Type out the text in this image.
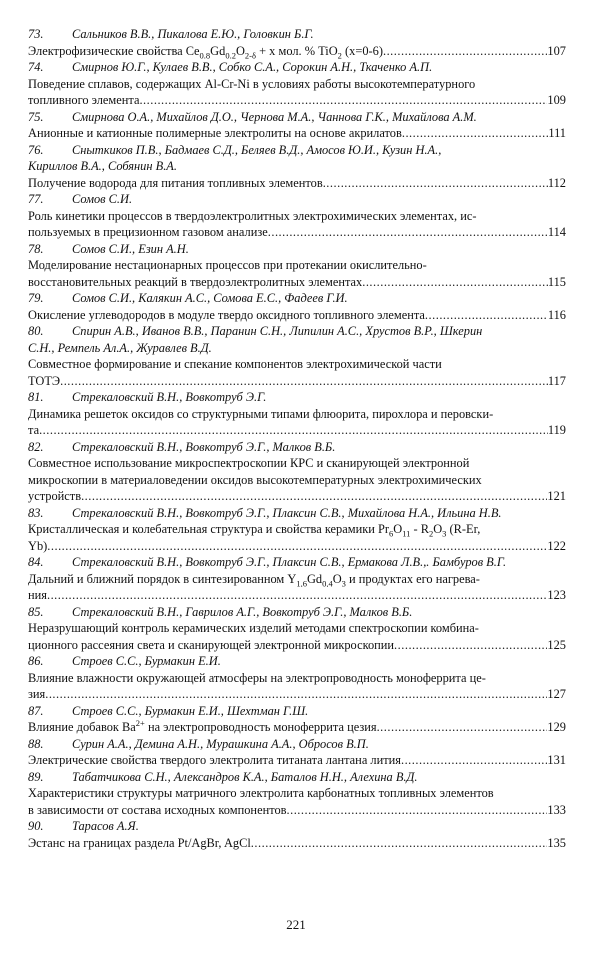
73.	Сальников В.В., Пикалова Е.Ю., Головкин Б.Г.
Электрофизические свойства $Ce_{0.8}Gd_{0.2}O_{2-\delta} + x$ мол. % TiO$_2$ (x=0-6) .....	107
74.	Смирнов Ю.Г., Кулаев В.В., Собко С.А., Сорокин А.Н., Ткаченко А.П.
Поведение сплавов, содержащих Al-Cr-Ni в условиях работы высокотемпературного
топливного элемента .....	109
75.	Смирнова О.А., Михайлов Д.О., Чернова М.А., Чаннова Г.К., Михайлова А.М.
Анионные и катионные полимерные электролиты на основе акрилатов .....	111
76.	Сныткиков П.В., Бадмаев С.Д., Беляев В.Д., Амосов Ю.И., Кузин Н.А.,
Кириллов В.А., Собянин В.А.
Получение водорода для питания топливных элементов .....	112
77.	Сомов С.И.
Роль кинетики процессов в твердоэлектролитных электрохимических элементах, ис-
пользуемых в прецизионном газовом анализе .....	114
78.	Сомов С.И., Езин А.Н.
Моделирование нестационарных процессов при протекании окислительно-
восстановительных реакций в твердоэлектролитных элементах .....	115
79.	Сомов С.И., Калякин А.С., Сомова Е.С., Фадеев Г.И.
Окисление углеводородов в модуле твердо оксидного топливного элемента .....	116
80.	Спирин А.В., Иванов В.В., Паранин С.Н., Липилин А.С., Хрустов В.Р., Шкерин
С.Н., Ремпель Ал.А., Журавлев В.Д.
Совместное формирование и спекание компонентов электрохимической части
ТОТЭ .....	117
81.	Стрекаловский В.Н., Вовкотруб Э.Г.
Динамика решеток оксидов со структурными типами флюорита, пирохлора и перовски-
та .....	119
82.	Стрекаловский В.Н., Вовкотруб Э.Г., Малков В.Б.
Совместное использование микроспектроскопии КРС и сканирующей электронной
микроскопии в материаловедении оксидов высокотемпературных электрохимических
устройств .....	121
83.	Стрекаловский В.Н., Вовкотруб Э.Г., Плаксин С.В., Михайлова Н.А., Ильина Н.В.
Кристаллическая и колебательная структура и свойства керамики $Pr_6O_{11} - R_2O_3$ (R-Er,
Yb) .....	122
84.	Стрекаловский В.Н., Вовкотруб Э.Г., Плаксин С.В., Ермакова Л.В.,. Бамбуров В.Г.
Дальний и ближний порядок в синтезированном $Y_{1,6}Gd_{0,4}O_3$ и продуктах его нагрева-
ния .....	123
85.	Стрекаловский В.Н., Гаврилов А.Г., Вовкотруб Э.Г., Малков В.Б.
Неразрушающий контроль керамических изделий методами спектроскопии комбина-
ционного рассеяния света и сканирующей электронной микроскопии .....	125
86.	Строев С.С., Бурмакин Е.И.
Влияние влажности окружающей атмосферы на электропроводность моноферрита це-
зия .....	127
87.	Строев С.С., Бурмакин Е.И., Шехтман Г.Ш.
Влияние добавок $Ba^{2+}$ на электропроводность моноферрита цезия .....	129
88.	Сурин А.А., Демина А.Н., Мурашкина А.А., Обросов В.П.
Электрические свойства твердого электролита титаната лантана лития .....	131
89.	Табатчикова С.Н., Александров К.А., Баталов Н.Н., Алехина В.Д.
Характеристики структуры матричного электролита карбонатных топливных элементов
в зависимости от состава исходных компонентов .....	133
90.	Тарасов А.Я.
Эстанс на границах раздела Pt/AgBr, AgCl .....	135
221
